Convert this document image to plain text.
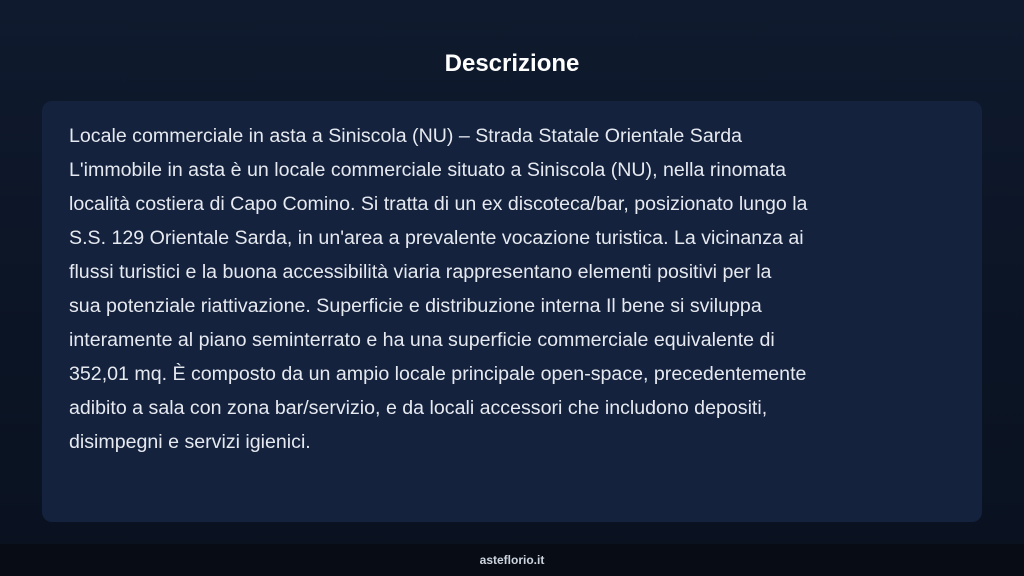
Descrizione

Locale commerciale in asta a Siniscola (NU) – Strada Statale Orientale Sarda
L'immobile in asta è un locale commerciale situato a Siniscola (NU), nella rinomata
località costiera di Capo Comino. Si tratta di un ex discoteca/bar, posizionato lungo la
S.S. 129 Orientale Sarda, in un'area a prevalente vocazione turistica. La vicinanza ai
flussi turistici e la buona accessibilità viaria rappresentano elementi positivi per la
sua potenziale riattivazione. Superficie e distribuzione interna Il bene si sviluppa
interamente al piano seminterrato e ha una superficie commerciale equivalente di
352,01 mq. È composto da un ampio locale principale open-space, precedentemente
adibito a sala con zona bar/servizio, e da locali accessori che includono depositi,
disimpegni e servizi igienici.

asteflorio.it
